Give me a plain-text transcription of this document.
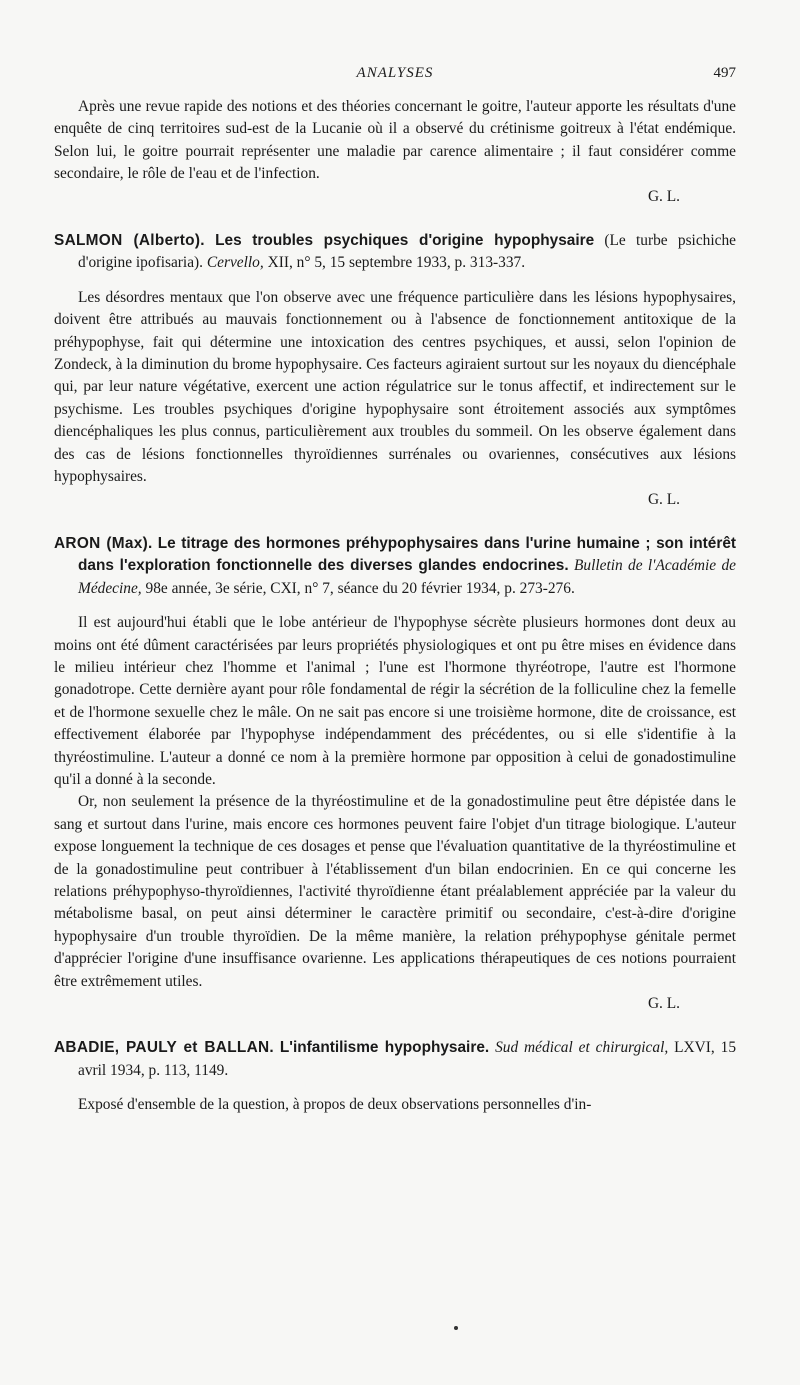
ANALYSES	497

Après une revue rapide des notions et des théories concernant le goitre, l'auteur apporte les résultats d'une enquête de cinq territoires sud-est de la Lucanie où il a observé du crétinisme goitreux à l'état endémique. Selon lui, le goitre pourrait représenter une maladie par carence alimentaire ; il faut considérer comme secondaire, le rôle de l'eau et de l'infection.

G. L.

SALMON (Alberto). Les troubles psychiques d'origine hypophysaire (Le turbe psichiche d'origine ipofisaria). Cervello, XII, n° 5, 15 septembre 1933, p. 313-337.

Les désordres mentaux que l'on observe avec une fréquence particulière dans les lésions hypophysaires, doivent être attribués au mauvais fonctionnement ou à l'absence de fonctionnement antitoxique de la préhypophyse, fait qui détermine une intoxication des centres psychiques, et aussi, selon l'opinion de Zondeck, à la diminution du brome hypophysaire. Ces facteurs agiraient surtout sur les noyaux du diencéphale qui, par leur nature végétative, exercent une action régulatrice sur le tonus affectif, et indirectement sur le psychisme. Les troubles psychiques d'origine hypophysaire sont étroitement associés aux symptômes diencéphaliques les plus connus, particulièrement aux troubles du sommeil. On les observe également dans des cas de lésions fonctionnelles thyroïdiennes surrénales ou ovariennes, consécutives aux lésions hypophysaires.

G. L.

ARON (Max). Le titrage des hormones préhypophysaires dans l'urine humaine ; son intérêt dans l'exploration fonctionnelle des diverses glandes endocrines. Bulletin de l'Académie de Médecine, 98e année, 3e série, CXI, n° 7, séance du 20 février 1934, p. 273-276.

Il est aujourd'hui établi que le lobe antérieur de l'hypophyse sécrète plusieurs hormones dont deux au moins ont été dûment caractérisées par leurs propriétés physiologiques et ont pu être mises en évidence dans le milieu intérieur chez l'homme et l'animal ; l'une est l'hormone thyréotrope, l'autre est l'hormone gonadotrope. Cette dernière ayant pour rôle fondamental de régir la sécrétion de la folliculine chez la femelle et de l'hormone sexuelle chez le mâle. On ne sait pas encore si une troisième hormone, dite de croissance, est effectivement élaborée par l'hypophyse indépendamment des précédentes, ou si elle s'identifie à la thyréostimuline. L'auteur a donné ce nom à la première hormone par opposition à celui de gonadostimuline qu'il a donné à la seconde.

Or, non seulement la présence de la thyréostimuline et de la gonadostimuline peut être dépistée dans le sang et surtout dans l'urine, mais encore ces hormones peuvent faire l'objet d'un titrage biologique. L'auteur expose longuement la technique de ces dosages et pense que l'évaluation quantitative de la thyréostimuline et de la gonadostimuline peut contribuer à l'établissement d'un bilan endocrinien. En ce qui concerne les relations préhypophyso-thyroïdiennes, l'activité thyroïdienne étant préalablement appréciée par la valeur du métabolisme basal, on peut ainsi déterminer le caractère primitif ou secondaire, c'est-à-dire d'origine hypophysaire d'un trouble thyroïdien. De la même manière, la relation préhypophyse génitale permet d'apprécier l'origine d'une insuffisance ovarienne. Les applications thérapeutiques de ces notions pourraient être extrêmement utiles.

G. L.

ABADIE, PAULY et BALLAN. L'infantilisme hypophysaire. Sud médical et chirurgical, LXVI, 15 avril 1934, p. 113, 1149.

Exposé d'ensemble de la question, à propos de deux observations personnelles d'in-
